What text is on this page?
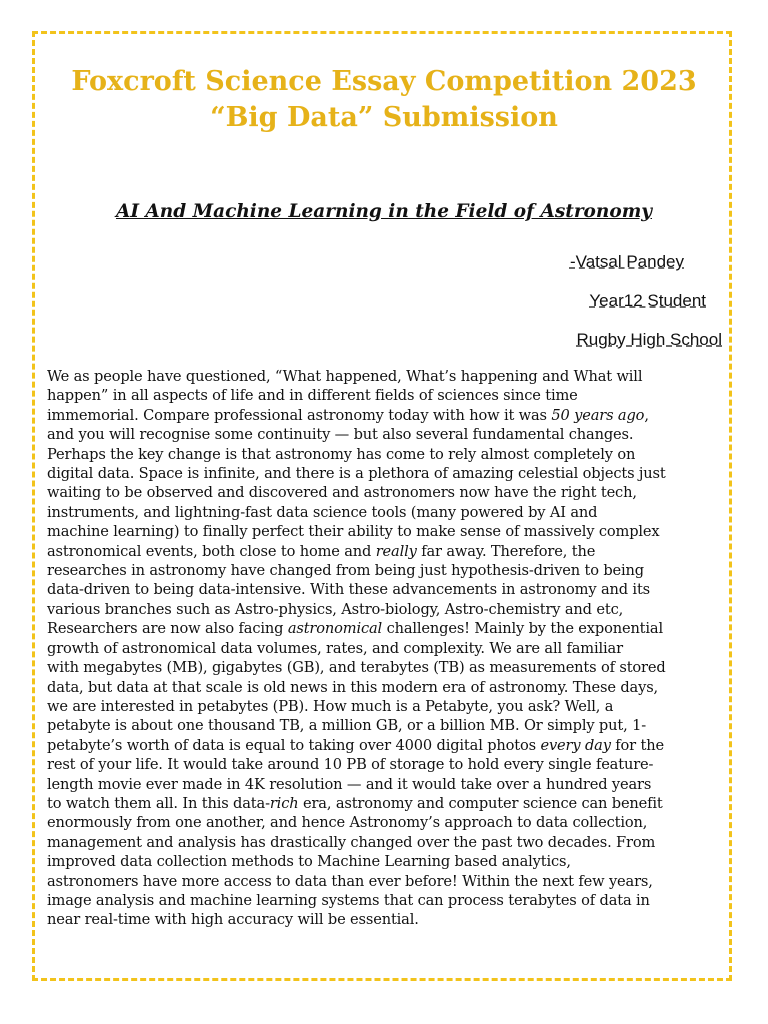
Foxcroft Science Essay Competition 2023
“Big Data” Submission
AI And Machine Learning in the Field of Astronomy
-Vatsal Pandey
Year12 Student
Rugby High School
We as people have questioned, “What happened, What’s happening and What will
happen” in all aspects of life and in different fields of sciences since time
immemorial. Compare professional astronomy today with how it was 50 years ago,
and you will recognise some continuity — but also several fundamental changes.
Perhaps the key change is that astronomy has come to rely almost completely on
digital data. Space is infinite, and there is a plethora of amazing celestial objects just
waiting to be observed and discovered and astronomers now have the right tech,
instruments, and lightning-fast data science tools (many powered by AI and
machine learning) to finally perfect their ability to make sense of massively complex
astronomical events, both close to home and really far away. Therefore, the
researches in astronomy have changed from being just hypothesis-driven to being
data-driven to being data-intensive. With these advancements in astronomy and its
various branches such as Astro-physics, Astro-biology, Astro-chemistry and etc,
Researchers are now also facing astronomical challenges! Mainly by the exponential
growth of astronomical data volumes, rates, and complexity. We are all familiar
with megabytes (MB), gigabytes (GB), and terabytes (TB) as measurements of stored
data, but data at that scale is old news in this modern era of astronomy. These days,
we are interested in petabytes (PB). How much is a Petabyte, you ask? Well, a
petabyte is about one thousand TB, a million GB, or a billion MB. Or simply put, 1-
petabyte’s worth of data is equal to taking over 4000 digital photos every day for the
rest of your life. It would take around 10 PB of storage to hold every single feature-
length movie ever made in 4K resolution — and it would take over a hundred years
to watch them all. In this data-rich era, astronomy and computer science can benefit
enormously from one another, and hence Astronomy’s approach to data collection,
management and analysis has drastically changed over the past two decades. From
improved data collection methods to Machine Learning based analytics,
astronomers have more access to data than ever before! Within the next few years,
image analysis and machine learning systems that can process terabytes of data in
near real-time with high accuracy will be essential.
